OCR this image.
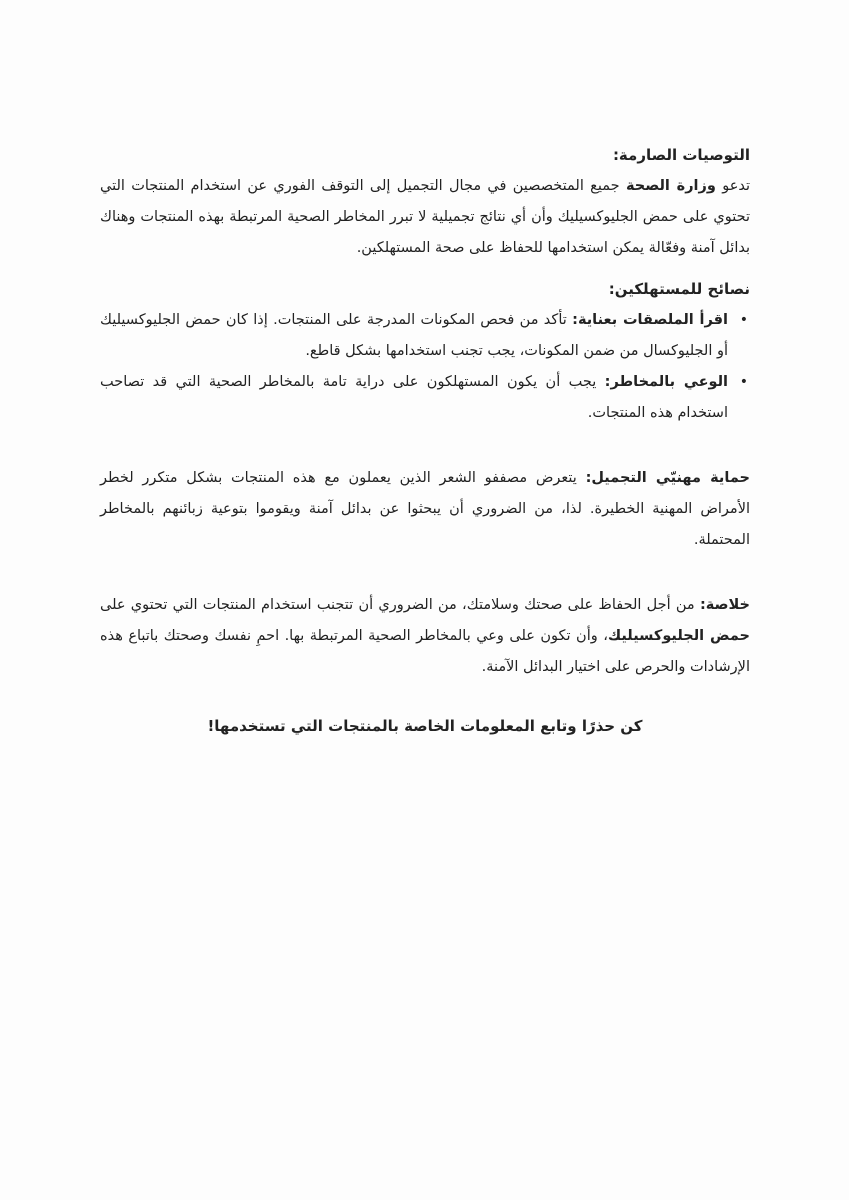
التوصيات الصارمة:

تدعو وزارة الصحة جميع المتخصصين في مجال التجميل إلى التوقف الفوري عن استخدام المنتجات التي تحتوي على حمض الجليوكسيليك وأن أي نتائج تجميلية لا تبرر المخاطر الصحية المرتبطة بهذه المنتجات وهناك بدائل آمنة وفعّالة يمكن استخدامها للحفاظ على صحة المستهلكين.

نصائح للمستهلكين:

• اقرأ الملصقات بعناية: تأكد من فحص المكونات المدرجة على المنتجات. إذا كان حمض الجليوكسيليك أو الجليوكسال من ضمن المكونات، يجب تجنب استخدامها بشكل قاطع.
• الوعي بالمخاطر: يجب أن يكون المستهلكون على دراية تامة بالمخاطر الصحية التي قد تصاحب استخدام هذه المنتجات.

حماية مهنيّي التجميل: يتعرض مصففو الشعر الذين يعملون مع هذه المنتجات بشكل متكرر لخطر الأمراض المهنية الخطيرة. لذا، من الضروري أن يبحثوا عن بدائل آمنة ويقوموا بتوعية زبائنهم بالمخاطر المحتملة.

خلاصة: من أجل الحفاظ على صحتك وسلامتك، من الضروري أن تتجنب استخدام المنتجات التي تحتوي على حمض الجليوكسيليك، وأن تكون على وعي بالمخاطر الصحية المرتبطة بها. احمِ نفسك وصحتك باتباع هذه الإرشادات والحرص على اختيار البدائل الآمنة.

كن حذرًا وتابع المعلومات الخاصة بالمنتجات التي تستخدمها!
